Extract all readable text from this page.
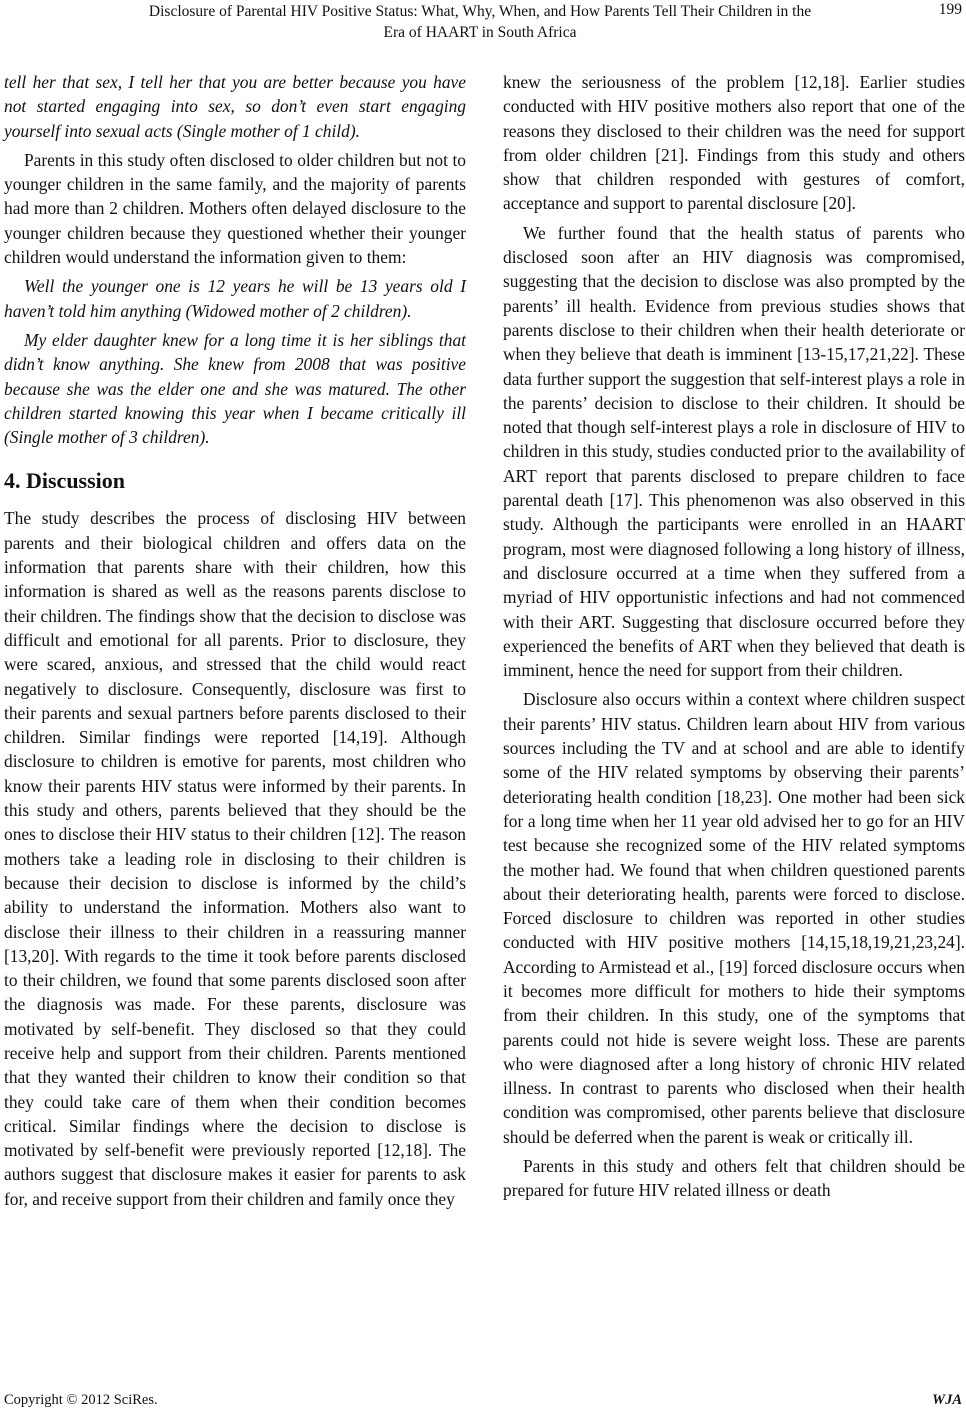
Disclosure of Parental HIV Positive Status: What, Why, When, and How Parents Tell Their Children in the
Era of HAART in South Africa
199

tell her that sex, I tell her that you are better because you have not started engaging into sex, so don’t even start engaging yourself into sexual acts (Single mother of 1 child).

Parents in this study often disclosed to older children but not to younger children in the same family, and the majority of parents had more than 2 children. Mothers often delayed disclosure to the younger children because they questioned whether their younger children would understand the information given to them:

Well the younger one is 12 years he will be 13 years old I haven’t told him anything (Widowed mother of 2 children).

My elder daughter knew for a long time it is her siblings that didn’t know anything. She knew from 2008 that was positive because she was the elder one and she was matured. The other children started knowing this year when I became critically ill (Single mother of 3 children).

4. Discussion

The study describes the process of disclosing HIV between parents and their biological children and offers data on the information that parents share with their children, how this information is shared as well as the reasons parents disclose to their children. The findings show that the decision to disclose was difficult and emotional for all parents. Prior to disclosure, they were scared, anxious, and stressed that the child would react negatively to disclosure. Consequently, disclosure was first to their parents and sexual partners before parents disclosed to their children. Similar findings were reported [14,19]. Although disclosure to children is emotive for parents, most children who know their parents HIV status were informed by their parents. In this study and others, parents believed that they should be the ones to disclose their HIV status to their children [12]. The reason mothers take a leading role in disclosing to their children is because their decision to disclose is informed by the child’s ability to understand the information. Mothers also want to disclose their illness to their children in a reassuring manner [13,20]. With regards to the time it took before parents disclosed to their children, we found that some parents disclosed soon after the diagnosis was made. For these parents, disclosure was motivated by self-benefit. They disclosed so that they could receive help and support from their children. Parents mentioned that they wanted their children to know their condition so that they could take care of them when their condition becomes critical. Similar findings where the decision to disclose is motivated by self-benefit were previously reported [12,18]. The authors suggest that disclosure makes it easier for parents to ask for, and receive support from their children and family once they

knew the seriousness of the problem [12,18]. Earlier studies conducted with HIV positive mothers also report that one of the reasons they disclosed to their children was the need for support from older children [21]. Findings from this study and others show that children responded with gestures of comfort, acceptance and support to parental disclosure [20].

We further found that the health status of parents who disclosed soon after an HIV diagnosis was compromised, suggesting that the decision to disclose was also prompted by the parents’ ill health. Evidence from previous studies shows that parents disclose to their children when their health deteriorate or when they believe that death is imminent [13-15,17,21,22]. These data further support the suggestion that self-interest plays a role in the parents’ decision to disclose to their children. It should be noted that though self-interest plays a role in disclosure of HIV to children in this study, studies conducted prior to the availability of ART report that parents disclosed to prepare children to face parental death [17]. This phenomenon was also observed in this study. Although the participants were enrolled in an HAART program, most were diagnosed following a long history of illness, and disclosure occurred at a time when they suffered from a myriad of HIV opportunistic infections and had not commenced with their ART. Suggesting that disclosure occurred before they experienced the benefits of ART when they believed that death is imminent, hence the need for support from their children.

Disclosure also occurs within a context where children suspect their parents’ HIV status. Children learn about HIV from various sources including the TV and at school and are able to identify some of the HIV related symptoms by observing their parents’ deteriorating health condition [18,23]. One mother had been sick for a long time when her 11 year old advised her to go for an HIV test because she recognized some of the HIV related symptoms the mother had. We found that when children questioned parents about their deteriorating health, parents were forced to disclose. Forced disclosure to children was reported in other studies conducted with HIV positive mothers [14,15,18,19,21,23,24]. According to Armistead et al., [19] forced disclosure occurs when it becomes more difficult for mothers to hide their symptoms from their children. In this study, one of the symptoms that parents could not hide is severe weight loss. These are parents who were diagnosed after a long history of chronic HIV related illness. In contrast to parents who disclosed when their health condition was compromised, other parents believe that disclosure should be deferred when the parent is weak or critically ill.

Parents in this study and others felt that children should be prepared for future HIV related illness or death

Copyright © 2012 SciRes.	WJA
